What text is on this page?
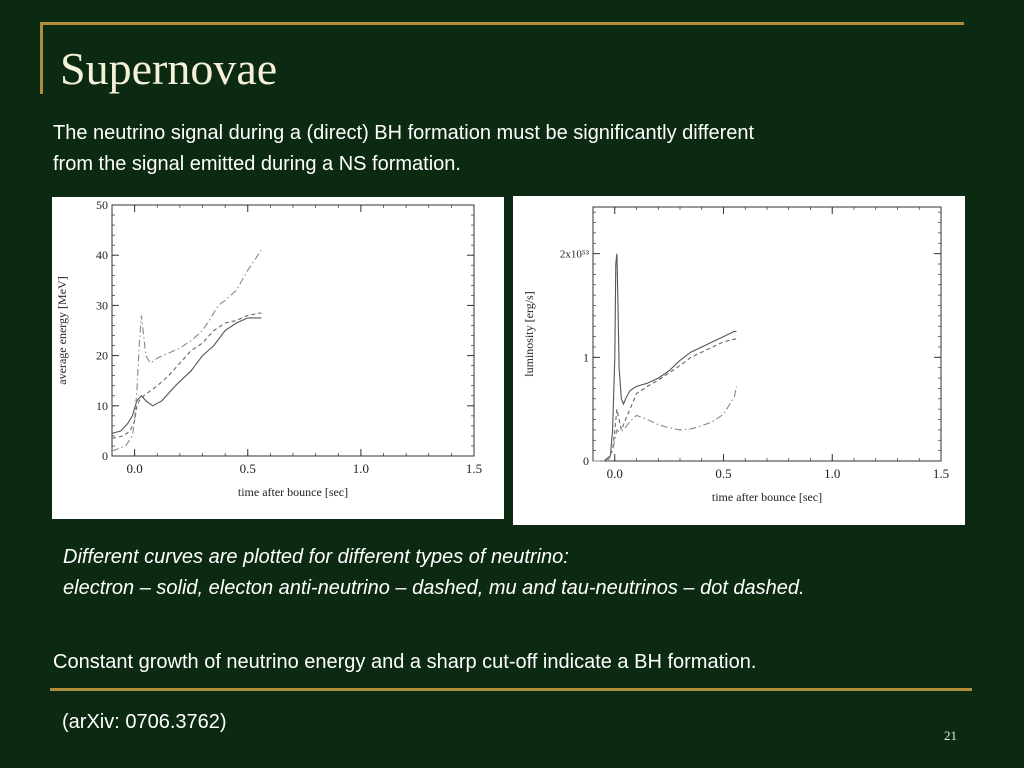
Supernovae
The neutrino signal during a (direct) BH formation must be significantly different
from the signal emitted during a NS formation.
0.0	0.5	1.0	1.5
0
10
20
30
40
50
time after bounce [sec]
average energy [MeV]
0.0	0.5	1.0	1.5
0
1
2x10⁵³
time after bounce [sec]
luminosity [erg/s]
Different curves are plotted for different types of neutrino:
electron – solid, electon anti-neutrino – dashed, mu and tau-neutrinos – dot dashed.
Constant growth of neutrino energy and a sharp cut-off indicate a BH formation.
(arXiv: 0706.3762)
21
